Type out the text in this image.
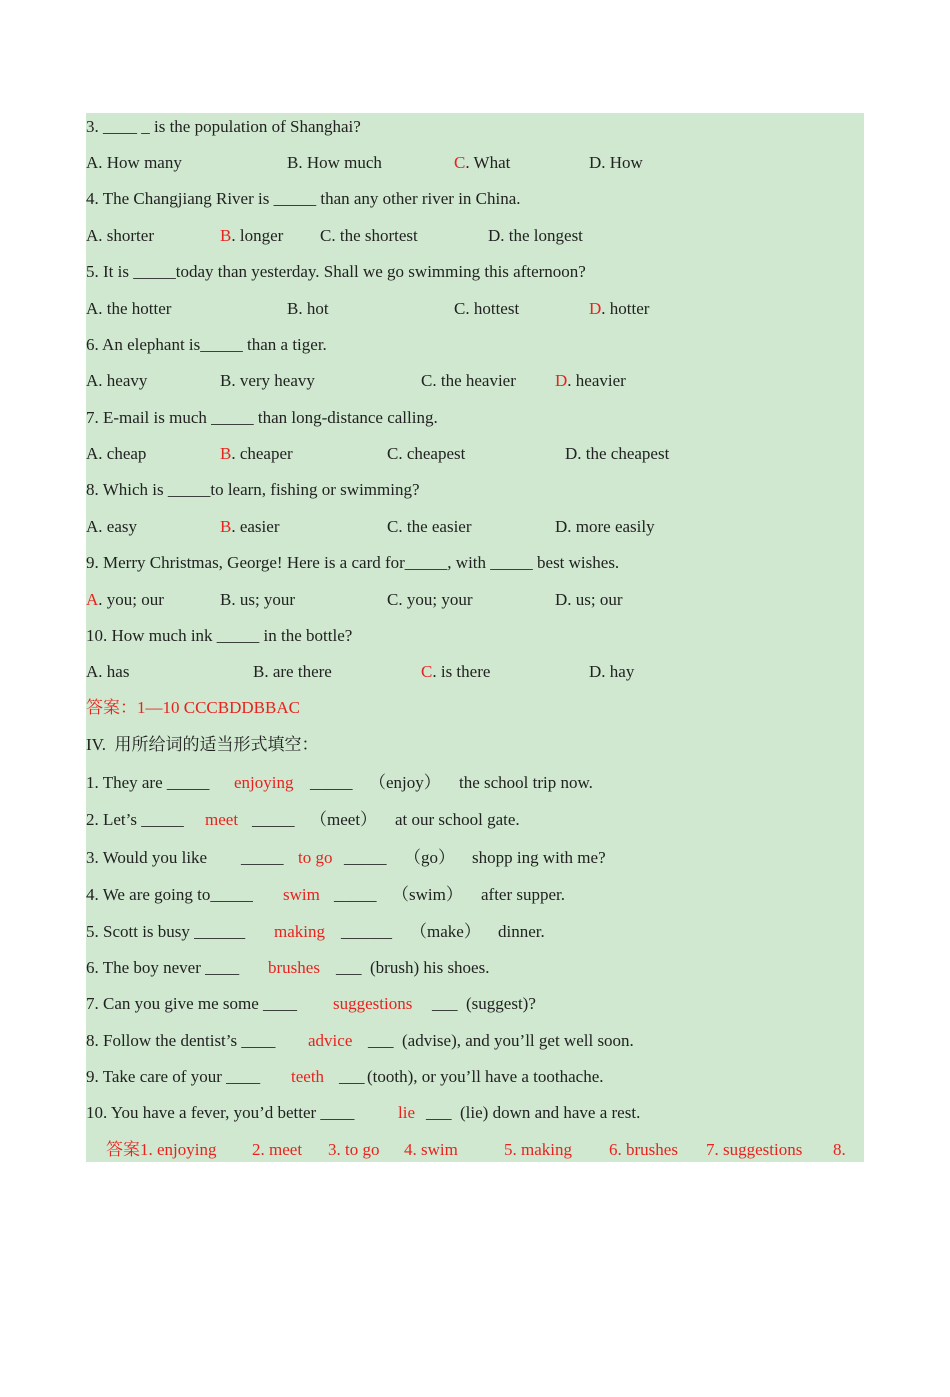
3. ____ _ is the population of Shanghai?
A. How many	B. How much	C. What	D. How
4. The Changjiang River is _____ than any other river in China.
A. shorter	B. longer C. the shortest	D. the longest
5. It is _____today than yesterday. Shall we go swimming this afternoon?
A. the hotter	B. hot	C. hottest	D. hotter
6. An elephant is_____ than a tiger.
A. heavy	B. very heavy	C. the heavier D. heavier
7. E-mail is much _____ than long-distance calling.
A. cheap	B. cheaper	C. cheapest	D. the cheapest
8. Which is _____to learn, fishing or swimming?
A. easy	B. easier	C. the easier	D. more easily
9. Merry Christmas, George! Here is a card for_____, with _____ best wishes.
A. you; our	B. us; your	C. you; your	D. us; our
10. How much ink _____ in the bottle?
A. has	B. are there	C. is there	D. hay
答案：1—10 CCCBDDBBAC
IV.  用所给词的适当形式填空：
1. They are _____ enjoying _____ （enjoy） the school trip now.
2. Let’s _____ meet _____ （meet） at our school gate.
3. Would you like _____ to go _____ （go） shopp ing with me?
4. We are going to_____ swim _____ （swim） after supper.
5. Scott is busy ______ making ______ （make） dinner.
6. The boy never ____ brushes ___ (brush) his shoes.
7. Can you give me some ____ suggestions ___ (suggest)?
8. Follow the dentist’s ____ advice ___ (advise), and you’ll get well soon.
9. Take care of your ____ teeth ___ (tooth), or you’ll have a toothache.
10. You have a fever, you’d better ____	lie ___ (lie) down and have a rest.

答案

1. enjoying

2. meet

3. to go

4. swim

	5. making

6. brushes

7. suggestions

8.
